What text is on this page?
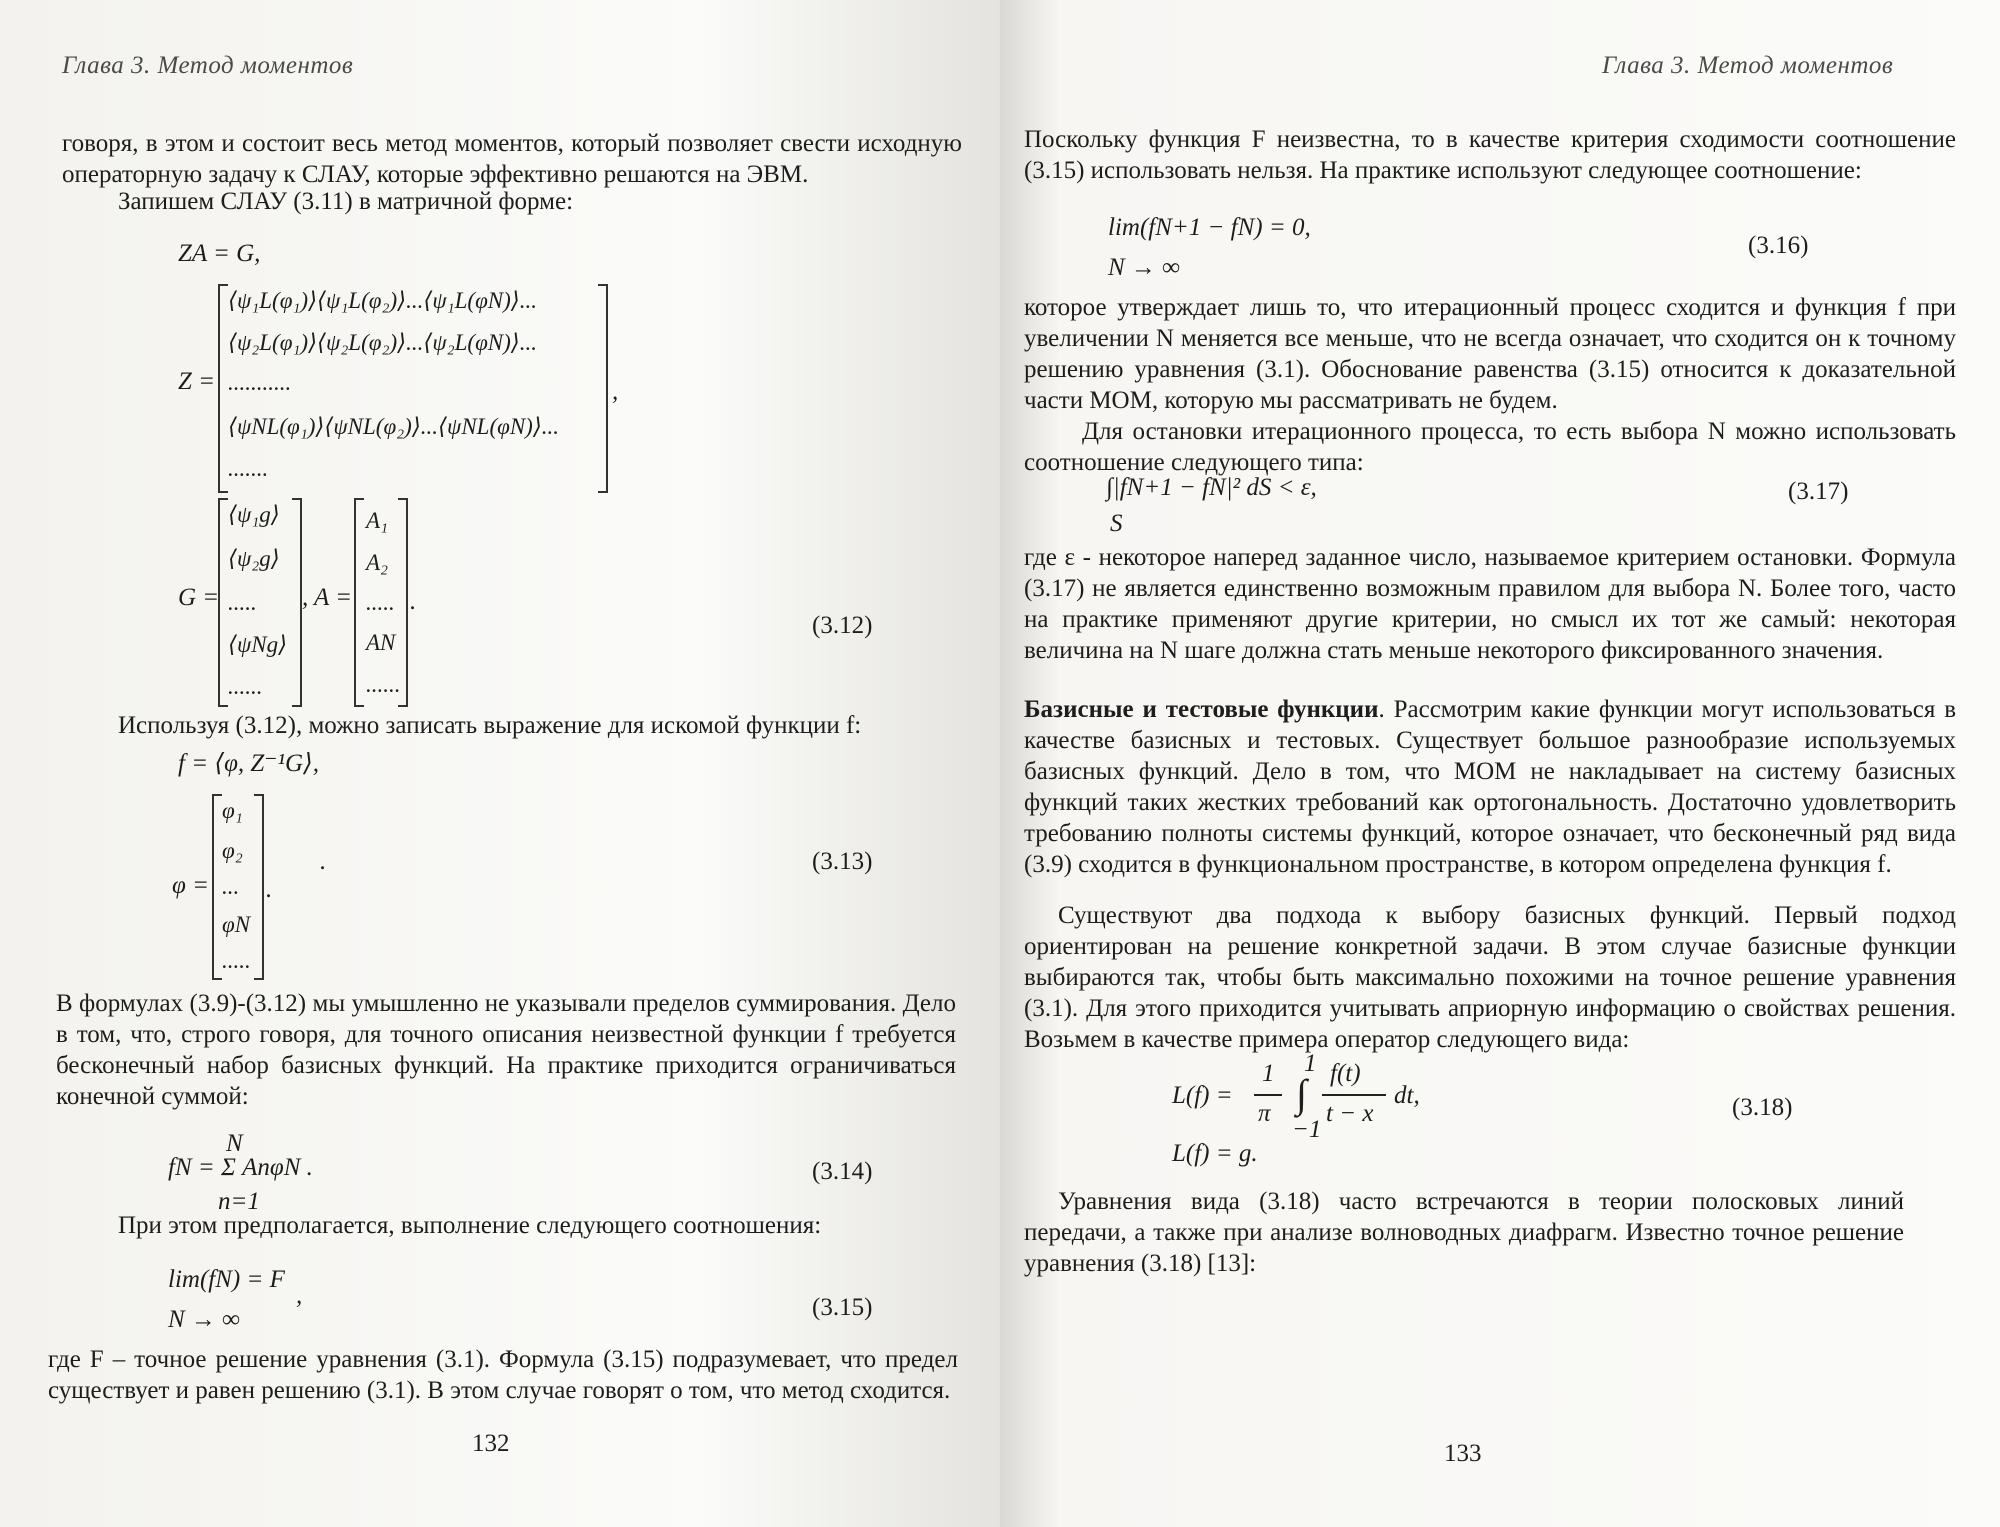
Глава 3. Метод моментов
говоря, в этом и состоит весь метод моментов, который позволяет свести исходную операторную задачу к СЛАУ, которые эффективно решаются на ЭВМ.
Запишем СЛАУ (3.11) в матричной форме:
ZA = G,
Z =
⟨ψ₁L(φ₁)⟩⟨ψ₁L(φ₂)⟩...⟨ψ₁L(φN)⟩...
⟨ψ₂L(φ₁)⟩⟨ψ₂L(φ₂)⟩...⟨ψ₂L(φN)⟩...
...........
⟨ψNL(φ₁)⟩⟨ψNL(φ₂)⟩...⟨ψNL(φN)⟩...
.......
,
G =
⟨ψ₁g⟩
⟨ψ₂g⟩
.....
⟨ψNg⟩
......
, A =
A₁
A₂
.....
AN
......
.
(3.12)
Используя (3.12), можно записать выражение для искомой функции f:
f = ⟨φ, Z⁻¹G⟩,
φ =
φ₁
φ₂
...
φN
.....
.
.	(3.13)
В формулах (3.9)-(3.12) мы умышленно не указывали пределов суммирования. Дело в том, что, строго говоря, для точного описания неизвестной функции f требуется бесконечный набор базисных функций. На практике приходится ограничиваться конечной суммой:
N
fN = Σ AnφN .
n=1
(3.14)
При этом предполагается, выполнение следующего соотношения:
lim(fN) = F
N → ∞
,	(3.15)
где F – точное решение уравнения (3.1). Формула (3.15) подразумевает, что предел существует и равен решению (3.1). В этом случае говорят о том, что метод сходится.
132
Глава 3. Метод моментов
Поскольку функция F неизвестна, то в качестве критерия сходимости соотношение (3.15) использовать нельзя. На практике используют следующее соотношение:
lim(fN+1 − fN) = 0,
N → ∞
(3.16)
которое утверждает лишь то, что итерационный процесс сходится и функция f при увеличении N меняется все меньше, что не всегда означает, что сходится он к точному решению уравнения (3.1). Обоснование равенства (3.15) относится к доказательной части МОМ, которую мы рассматривать не будем.
Для остановки итерационного процесса, то есть выбора N можно использовать соотношение следующего типа:
∫|fN+1 − fN|² dS < ε,
S
(3.17)
где ε - некоторое наперед заданное число, называемое критерием остановки. Формула (3.17) не является единственно возможным правилом для выбора N. Более того, часто на практике применяют другие критерии, но смысл их тот же самый: некоторая величина на N шаге должна стать меньше некоторого фиксированного значения.
Базисные и тестовые функции. Рассмотрим какие функции могут использоваться в качестве базисных и тестовых. Существует большое разнообразие используемых базисных функций. Дело в том, что МОМ не накладывает на систему базисных функций таких жестких требований как ортогональность. Достаточно удовлетворить требованию полноты системы функций, которое означает, что бесконечный ряд вида (3.9) сходится в функциональном пространстве, в котором определена функция f.
Существуют два подхода к выбору базисных функций. Первый подход ориентирован на решение конкретной задачи. В этом случае базисные функции выбираются так, чтобы быть максимально похожими на точное решение уравнения (3.1). Для этого приходится учитывать априорную информацию о свойствах решения. Возьмем в качестве примера оператор следующего вида:
L(f) =
1
π
1
∫
−1
f(t)
t − x
dt,
L(f) = g.
(3.18)
Уравнения вида (3.18) часто встречаются в теории полосковых линий передачи, а также при анализе волноводных диафрагм. Известно точное решение уравнения (3.18) [13]:
133
